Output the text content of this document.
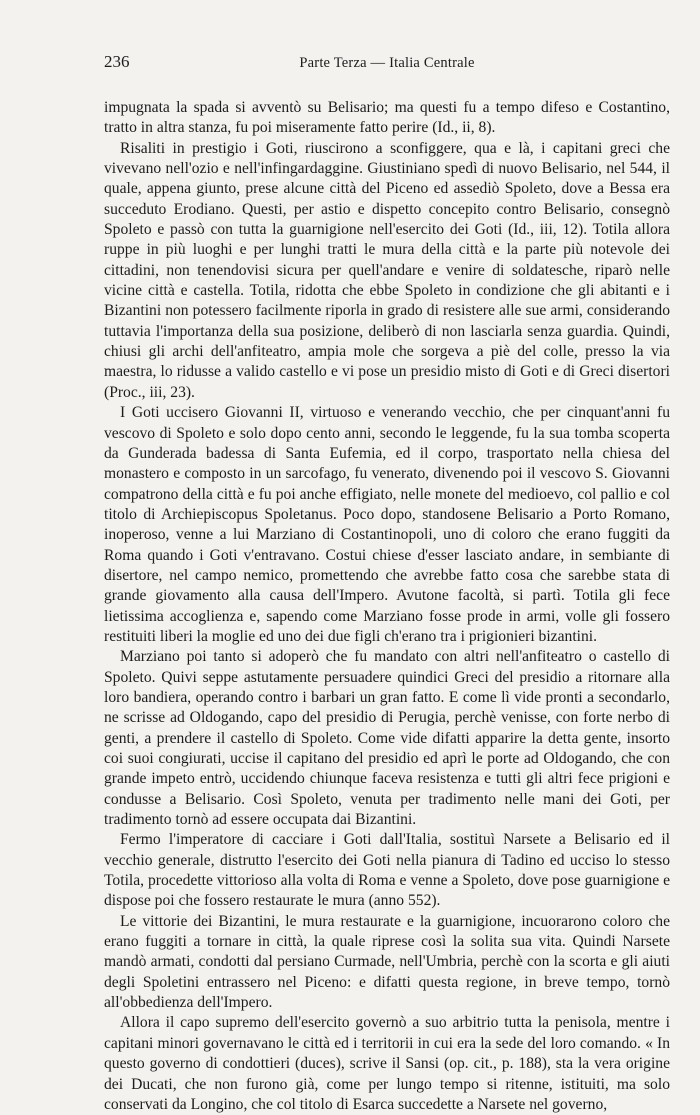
236	Parte Terza — Italia Centrale

impugnata la spada si avventò su Belisario; ma questi fu a tempo difeso e Costantino, tratto in altra stanza, fu poi miseramente fatto perire (Id., ii, 8).

Risaliti in prestigio i Goti, riuscirono a sconfiggere, qua e là, i capitani greci che vivevano nell'ozio e nell'infingardaggine. Giustiniano spedì di nuovo Belisario, nel 544, il quale, appena giunto, prese alcune città del Piceno ed assediò Spoleto, dove a Bessa era succeduto Erodiano. Questi, per astio e dispetto concepito contro Belisario, consegnò Spoleto e passò con tutta la guarnigione nell'esercito dei Goti (Id., iii, 12). Totila allora ruppe in più luoghi e per lunghi tratti le mura della città e la parte più notevole dei cittadini, non tenendovisi sicura per quell'andare e venire di soldatesche, riparò nelle vicine città e castella. Totila, ridotta che ebbe Spoleto in condizione che gli abitanti e i Bizantini non potessero facilmente riporla in grado di resistere alle sue armi, considerando tuttavia l'importanza della sua posizione, deliberò di non lasciarla senza guardia. Quindi, chiusi gli archi dell'anfiteatro, ampia mole che sorgeva a piè del colle, presso la via maestra, lo ridusse a valido castello e vi pose un presidio misto di Goti e di Greci disertori (Proc., iii, 23).

I Goti uccisero Giovanni II, virtuoso e venerando vecchio, che per cinquant'anni fu vescovo di Spoleto e solo dopo cento anni, secondo le leggende, fu la sua tomba scoperta da Gunderada badessa di Santa Eufemia, ed il corpo, trasportato nella chiesa del monastero e composto in un sarcofago, fu venerato, divenendo poi il vescovo S. Giovanni compatrono della città e fu poi anche effigiato, nelle monete del medioevo, col pallio e col titolo di Archiepiscopus Spoletanus. Poco dopo, standosene Belisario a Porto Romano, inoperoso, venne a lui Marziano di Costantinopoli, uno di coloro che erano fuggiti da Roma quando i Goti v'entravano. Costui chiese d'esser lasciato andare, in sembiante di disertore, nel campo nemico, promettendo che avrebbe fatto cosa che sarebbe stata di grande giovamento alla causa dell'Impero. Avutone facoltà, si partì. Totila gli fece lietissima accoglienza e, sapendo come Marziano fosse prode in armi, volle gli fossero restituiti liberi la moglie ed uno dei due figli ch'erano tra i prigionieri bizantini.

Marziano poi tanto si adoperò che fu mandato con altri nell'anfiteatro o castello di Spoleto. Quivi seppe astutamente persuadere quindici Greci del presidio a ritornare alla loro bandiera, operando contro i barbari un gran fatto. E come lì vide pronti a secondarlo, ne scrisse ad Oldogando, capo del presidio di Perugia, perchè venisse, con forte nerbo di genti, a prendere il castello di Spoleto. Come vide difatti apparire la detta gente, insorto coi suoi congiurati, uccise il capitano del presidio ed aprì le porte ad Oldogando, che con grande impeto entrò, uccidendo chiunque faceva resistenza e tutti gli altri fece prigioni e condusse a Belisario. Così Spoleto, venuta per tradimento nelle mani dei Goti, per tradimento tornò ad essere occupata dai Bizantini.

Fermo l'imperatore di cacciare i Goti dall'Italia, sostituì Narsete a Belisario ed il vecchio generale, distrutto l'esercito dei Goti nella pianura di Tadino ed ucciso lo stesso Totila, procedette vittorioso alla volta di Roma e venne a Spoleto, dove pose guarnigione e dispose poi che fossero restaurate le mura (anno 552).

Le vittorie dei Bizantini, le mura restaurate e la guarnigione, incuorarono coloro che erano fuggiti a tornare in città, la quale riprese così la solita sua vita. Quindi Narsete mandò armati, condotti dal persiano Curmade, nell'Umbria, perchè con la scorta e gli aiuti degli Spoletini entrassero nel Piceno: e difatti questa regione, in breve tempo, tornò all'obbedienza dell'Impero.

Allora il capo supremo dell'esercito governò a suo arbitrio tutta la penisola, mentre i capitani minori governavano le città ed i territorii in cui era la sede del loro comando. « In questo governo di condottieri (duces), scrive il Sansi (op. cit., p. 188), sta la vera origine dei Ducati, che non furono già, come per lungo tempo si ritenne, istituiti, ma solo conservati da Longino, che col titolo di Esarca succedette a Narsete nel governo,
